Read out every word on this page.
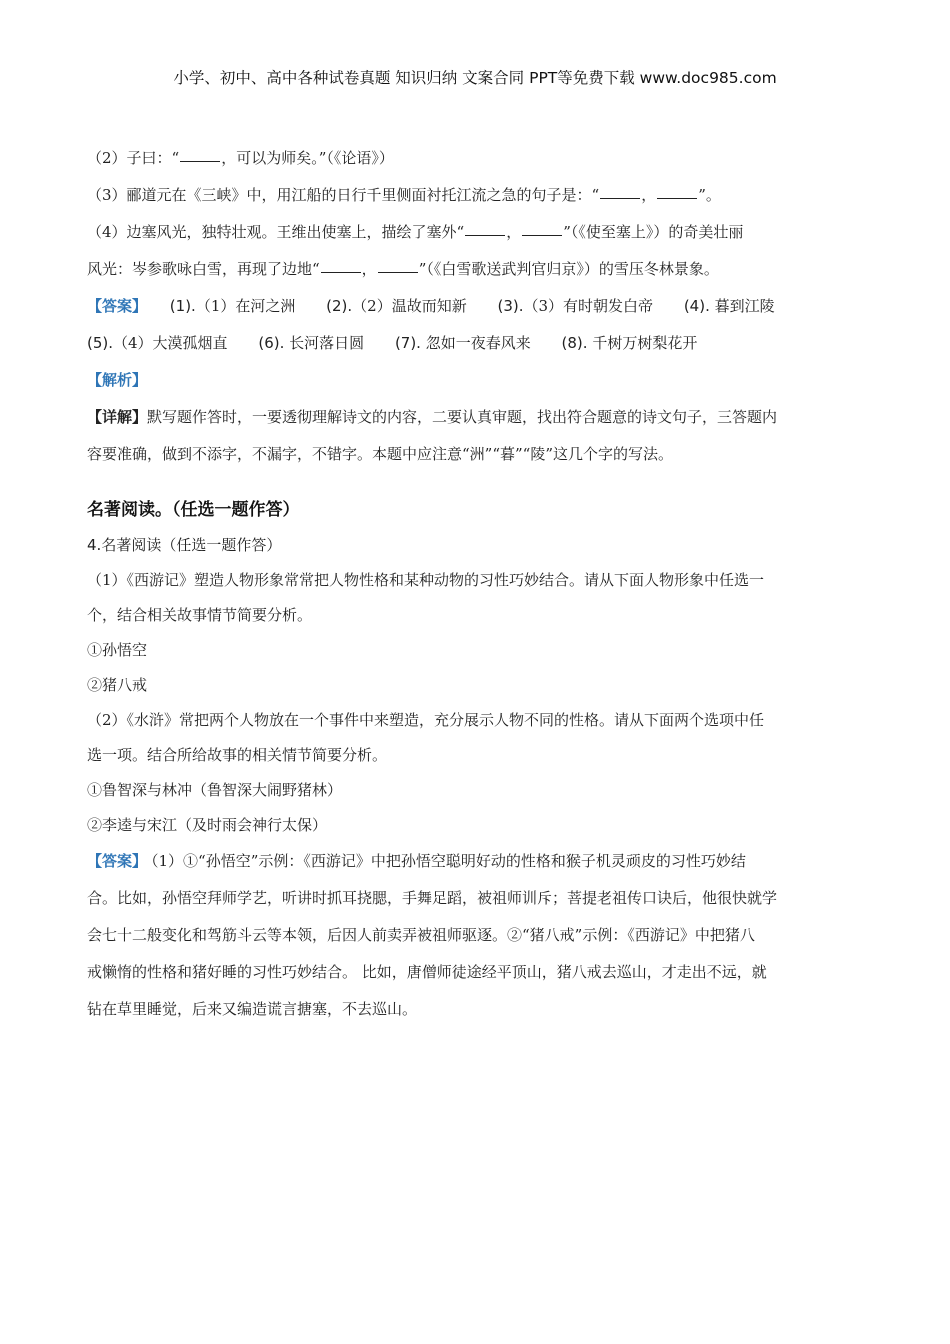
小学、初中、高中各种试卷真题 知识归纳 文案合同 PPT等免费下载 www.doc985.com
（2）子曰：“	，可以为师矣。”（《论语》）
（3）郦道元在《三峡》中，用江船的日行千里侧面衬托江流之急的句子是：“	，	”。
（4）边塞风光，独特壮观。王维出使塞上，描绘了塞外“	，	”（《使至塞上》）的奇美壮丽
风光：岑参歌咏白雪，再现了边地“	，	”（《白雪歌送武判官归京》）的雪压冬林景象。
【答案】 (1).（1）在河之洲 (2).（2）温故而知新 (3).（3）有时朝发白帝 (4). 暮到江陵
(5).（4）大漠孤烟直 (6). 长河落日圆 (7). 忽如一夜春风来 (8). 千树万树梨花开
【解析】
【详解】默写题作答时，一要透彻理解诗文的内容，二要认真审题，找出符合题意的诗文句子，三答题内
容要准确，做到不添字，不漏字，不错字。本题中应注意“洲”“暮”“陵”这几个字的写法。
名著阅读。（任选一题作答）
4.名著阅读（任选一题作答）
（1）《西游记》塑造人物形象常常把人物性格和某种动物的习性巧妙结合。请从下面人物形象中任选一
个，结合相关故事情节简要分析。
①孙悟空
②猪八戒
（2）《水浒》常把两个人物放在一个事件中来塑造，充分展示人物不同的性格。请从下面两个选项中任
选一项。结合所给故事的相关情节简要分析。
①鲁智深与林冲（鲁智深大闹野猪林）
②李逵与宋江（及时雨会神行太保）
【答案】 （1）①“孙悟空”示例：《西游记》中把孙悟空聪明好动的性格和猴子机灵顽皮的习性巧妙结
合。比如，孙悟空拜师学艺，听讲时抓耳挠腮，手舞足蹈，被祖师训斥；菩提老祖传口诀后，他很快就学
会七十二般变化和驾筋斗云等本领，后因人前卖弄被祖师驱逐。②“猪八戒”示例：《西游记》中把猪八
戒懒惰的性格和猪好睡的习性巧妙结合。 比如，唐僧师徒途经平顶山，猪八戒去巡山，才走出不远，就
钻在草里睡觉，后来又编造谎言搪塞，不去巡山。
